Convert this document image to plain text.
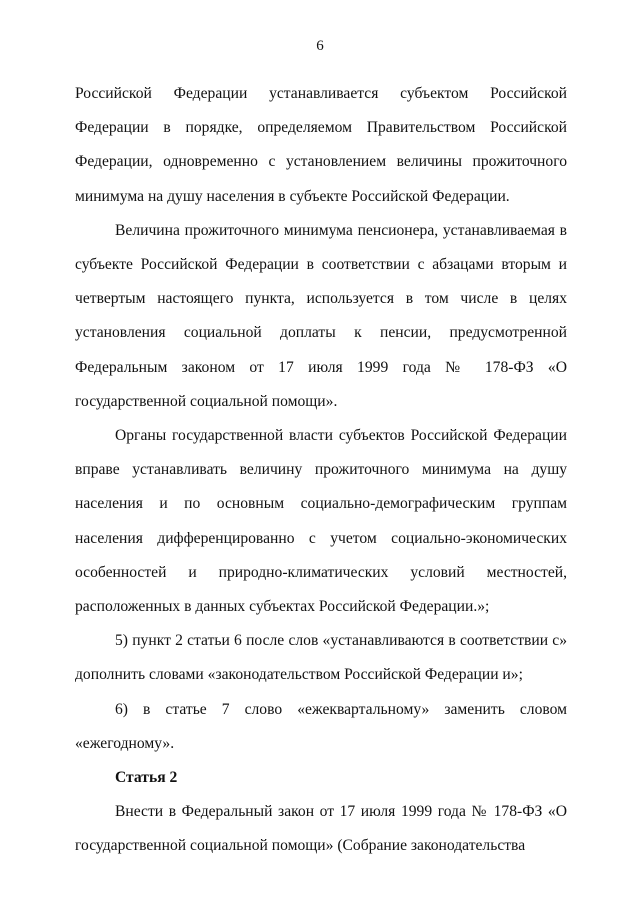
6

Российской Федерации устанавливается субъектом Российской Федерации в порядке, определяемом Правительством Российской Федерации, одновременно с установлением величины прожиточного минимума на душу населения в субъекте Российской Федерации.

Величина прожиточного минимума пенсионера, устанавливаемая в субъекте Российской Федерации в соответствии с абзацами вторым и четвертым настоящего пункта, используется в том числе в целях установления социальной доплаты к пенсии, предусмотренной Федеральным законом от 17 июля 1999 года № 178-ФЗ «О государственной социальной помощи».

Органы государственной власти субъектов Российской Федерации вправе устанавливать величину прожиточного минимума на душу населения и по основным социально-демографическим группам населения дифференцированно с учетом социально-экономических особенностей и природно-климатических условий местностей, расположенных в данных субъектах Российской Федерации.»;

5) пункт 2 статьи 6 после слов «устанавливаются в соответствии с» дополнить словами «законодательством Российской Федерации и»;

6) в статье 7 слово «ежеквартальному» заменить словом «ежегодному».

Статья 2

Внести в Федеральный закон от 17 июля 1999 года № 178-ФЗ «О государственной социальной помощи» (Собрание законодательства
